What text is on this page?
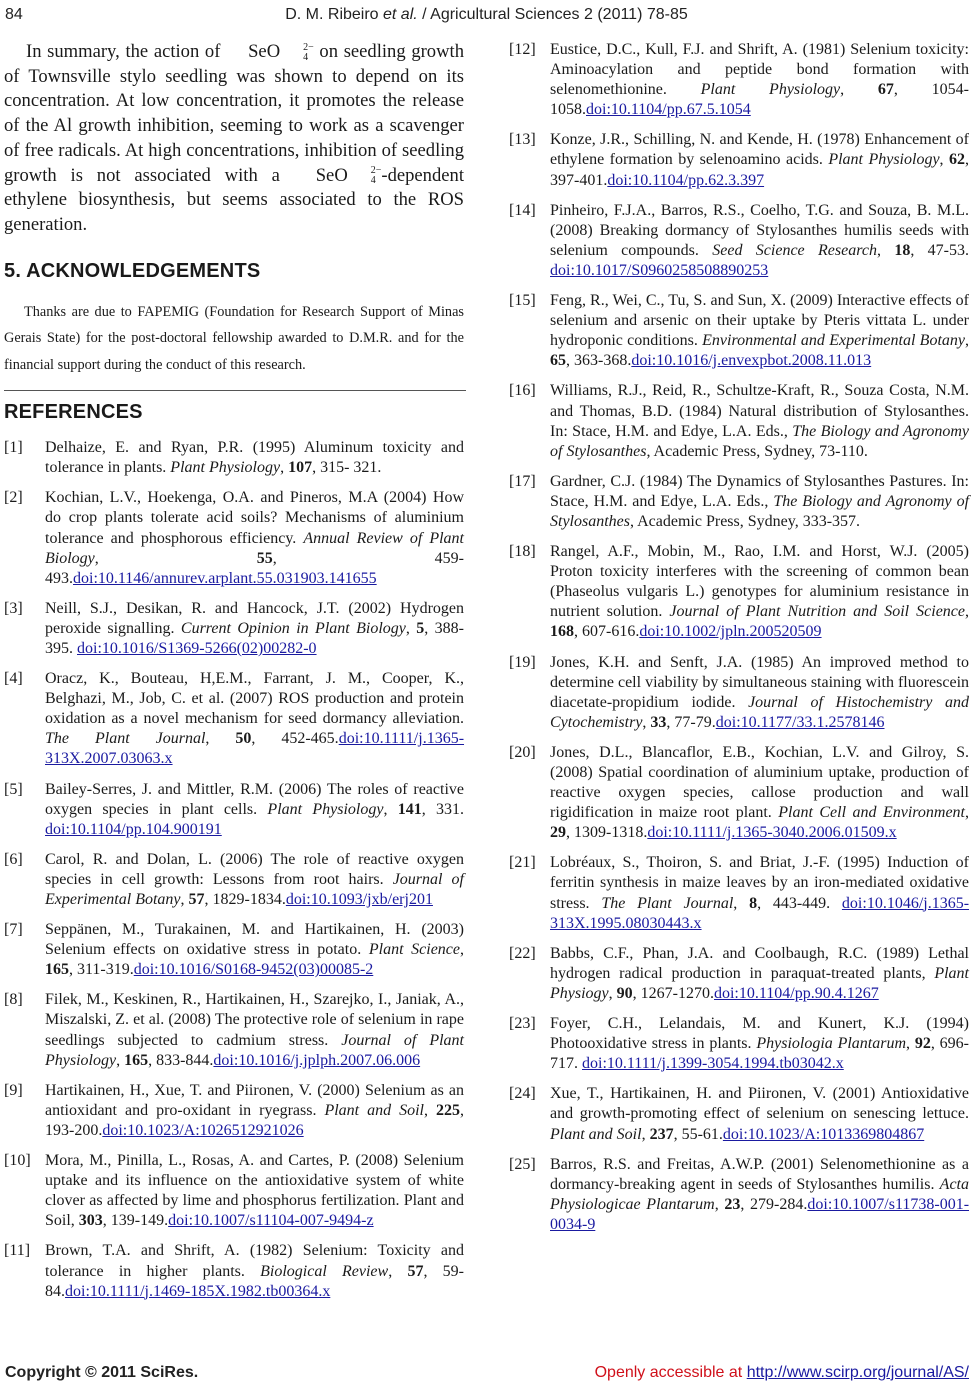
84	D. M. Ribeiro et al. / Agricultural Sciences 2 (2011) 78-85

In summary, the action of SeO	2−
4 on seedling growth of Townsville stylo seedling was shown to depend on its concentration. At low concentration, it promotes the release of the Al growth inhibition, seeming to work as a scavenger of free radicals. At high concentrations, inhibition of seedling growth is not associated with a SeO	2−
4 -dependent ethylene biosynthesis, but seems associated to the ROS generation.

5. ACKNOWLEDGEMENTS

Thanks are due to FAPEMIG (Foundation for Research Support of Minas Gerais State) for the post-doctoral fellowship awarded to D.M.R. and for the financial support during the conduct of this research.

REFERENCES
[1] Delhaize, E. and Ryan, P.R. (1995) Aluminum toxicity and tolerance in plants. Plant Physiology, 107, 315- 321.
[2] Kochian, L.V., Hoekenga, O.A. and Pineros, M.A (2004) How do crop plants tolerate acid soils? Mechanisms of aluminium tolerance and phosphorous efficiency. Annual Review of Plant Biology, 55, 459-493.doi:10.1146/annurev.arplant.55.031903.141655
[3] Neill, S.J., Desikan, R. and Hancock, J.T. (2002) Hydrogen peroxide signalling. Current Opinion in Plant Biology, 5, 388-395. doi:10.1016/S1369-5266(02)00282-0
[4] Oracz, K., Bouteau, H,E.M., Farrant, J. M., Cooper, K., Belghazi, M., Job, C. et al. (2007) ROS production and protein oxidation as a novel mechanism for seed dormancy alleviation. The Plant Journal, 50, 452-465.doi:10.1111/j.1365-313X.2007.03063.x
[5] Bailey-Serres, J. and Mittler, R.M. (2006) The roles of reactive oxygen species in plant cells. Plant Physiology, 141, 331. doi:10.1104/pp.104.900191
[6] Carol, R. and Dolan, L. (2006) The role of reactive oxygen species in cell growth: Lessons from root hairs. Journal of Experimental Botany, 57, 1829-1834.doi:10.1093/jxb/erj201
[7] Seppänen, M., Turakainen, M. and Hartikainen, H. (2003) Selenium effects on oxidative stress in potato. Plant Science, 165, 311-319.doi:10.1016/S0168-9452(03)00085-2
[8] Filek, M., Keskinen, R., Hartikainen, H., Szarejko, I., Janiak, A., Miszalski, Z. et al. (2008) The protective role of selenium in rape seedlings subjected to cadmium stress. Journal of Plant Physiology, 165, 833-844.doi:10.1016/j.jplph.2007.06.006
[9] Hartikainen, H., Xue, T. and Piironen, V. (2000) Selenium as an antioxidant and pro-oxidant in ryegrass. Plant and Soil, 225, 193-200.doi:10.1023/A:1026512921026
[10] Mora, M., Pinilla, L., Rosas, A. and Cartes, P. (2008) Selenium uptake and its influence on the antioxidative system of white clover as affected by lime and phosphorus fertilization. Plant and Soil, 303, 139-149.doi:10.1007/s11104-007-9494-z
[11] Brown, T.A. and Shrift, A. (1982) Selenium: Toxicity and tolerance in higher plants. Biological Review, 57, 59-84.doi:10.1111/j.1469-185X.1982.tb00364.x
[12] Eustice, D.C., Kull, F.J. and Shrift, A. (1981) Selenium toxicity: Aminoacylation and peptide bond formation with selenomethionine. Plant Physiology, 67, 1054- 1058.doi:10.1104/pp.67.5.1054
[13] Konze, J.R., Schilling, N. and Kende, H. (1978) Enhancement of ethylene formation by selenoamino acids. Plant Physiology, 62, 397-401.doi:10.1104/pp.62.3.397
[14] Pinheiro, F.J.A., Barros, R.S., Coelho, T.G. and Souza, B. M.L. (2008) Breaking dormancy of Stylosanthes humilis seeds with selenium compounds. Seed Science Research, 18, 47-53. doi:10.1017/S0960258508890253
[15] Feng, R., Wei, C., Tu, S. and Sun, X. (2009) Interactive effects of selenium and arsenic on their uptake by Pteris vittata L. under hydroponic conditions. Environmental and Experimental Botany, 65, 363-368.doi:10.1016/j.envexpbot.2008.11.013
[16] Williams, R.J., Reid, R., Schultze-Kraft, R., Souza Costa, N.M. and Thomas, B.D. (1984) Natural distribution of Stylosanthes. In: Stace, H.M. and Edye, L.A. Eds., The Biology and Agronomy of Stylosanthes, Academic Press, Sydney, 73-110.
[17] Gardner, C.J. (1984) The Dynamics of Stylosanthes Pastures. In: Stace, H.M. and Edye, L.A. Eds., The Biology and Agronomy of Stylosanthes, Academic Press, Sydney, 333-357.
[18] Rangel, A.F., Mobin, M., Rao, I.M. and Horst, W.J. (2005) Proton toxicity interferes with the screening of common bean (Phaseolus vulgaris L.) genotypes for aluminium resistance in nutrient solution. Journal of Plant Nutrition and Soil Science, 168, 607-616.doi:10.1002/jpln.200520509
[19] Jones, K.H. and Senft, J.A. (1985) An improved method to determine cell viability by simultaneous staining with fluorescein diacetate-propidium iodide. Journal of Histochemistry and Cytochemistry, 33, 77-79.doi:10.1177/33.1.2578146
[20] Jones, D.L., Blancaflor, E.B., Kochian, L.V. and Gilroy, S. (2008) Spatial coordination of aluminium uptake, production of reactive oxygen species, callose production and wall rigidification in maize root plant. Plant Cell and Environment, 29, 1309-1318.doi:10.1111/j.1365-3040.2006.01509.x
[21] Lobréaux, S., Thoiron, S. and Briat, J.-F. (1995) Induction of ferritin synthesis in maize leaves by an iron-mediated oxidative stress. The Plant Journal, 8, 443-449. doi:10.1046/j.1365-313X.1995.08030443.x
[22] Babbs, C.F., Phan, J.A. and Coolbaugh, R.C. (1989) Lethal hydrogen radical production in paraquat-treated plants, Plant Physiogy, 90, 1267-1270.doi:10.1104/pp.90.4.1267
[23] Foyer, C.H., Lelandais, M. and Kunert, K.J. (1994) Photooxidative stress in plants. Physiologia Plantarum, 92, 696-717. doi:10.1111/j.1399-3054.1994.tb03042.x
[24] Xue, T., Hartikainen, H. and Piironen, V. (2001) Antioxidative and growth-promoting effect of selenium on senescing lettuce. Plant and Soil, 237, 55-61.doi:10.1023/A:1013369804867
[25] Barros, R.S. and Freitas, A.W.P. (2001) Selenomethionine as a dormancy-breaking agent in seeds of Stylosanthes humilis. Acta Physiologicae Plantarum, 23, 279-284.doi:10.1007/s11738-001-0034-9
Copyright © 2011 SciRes.	Openly accessible at http://www.scirp.org/journal/AS/
